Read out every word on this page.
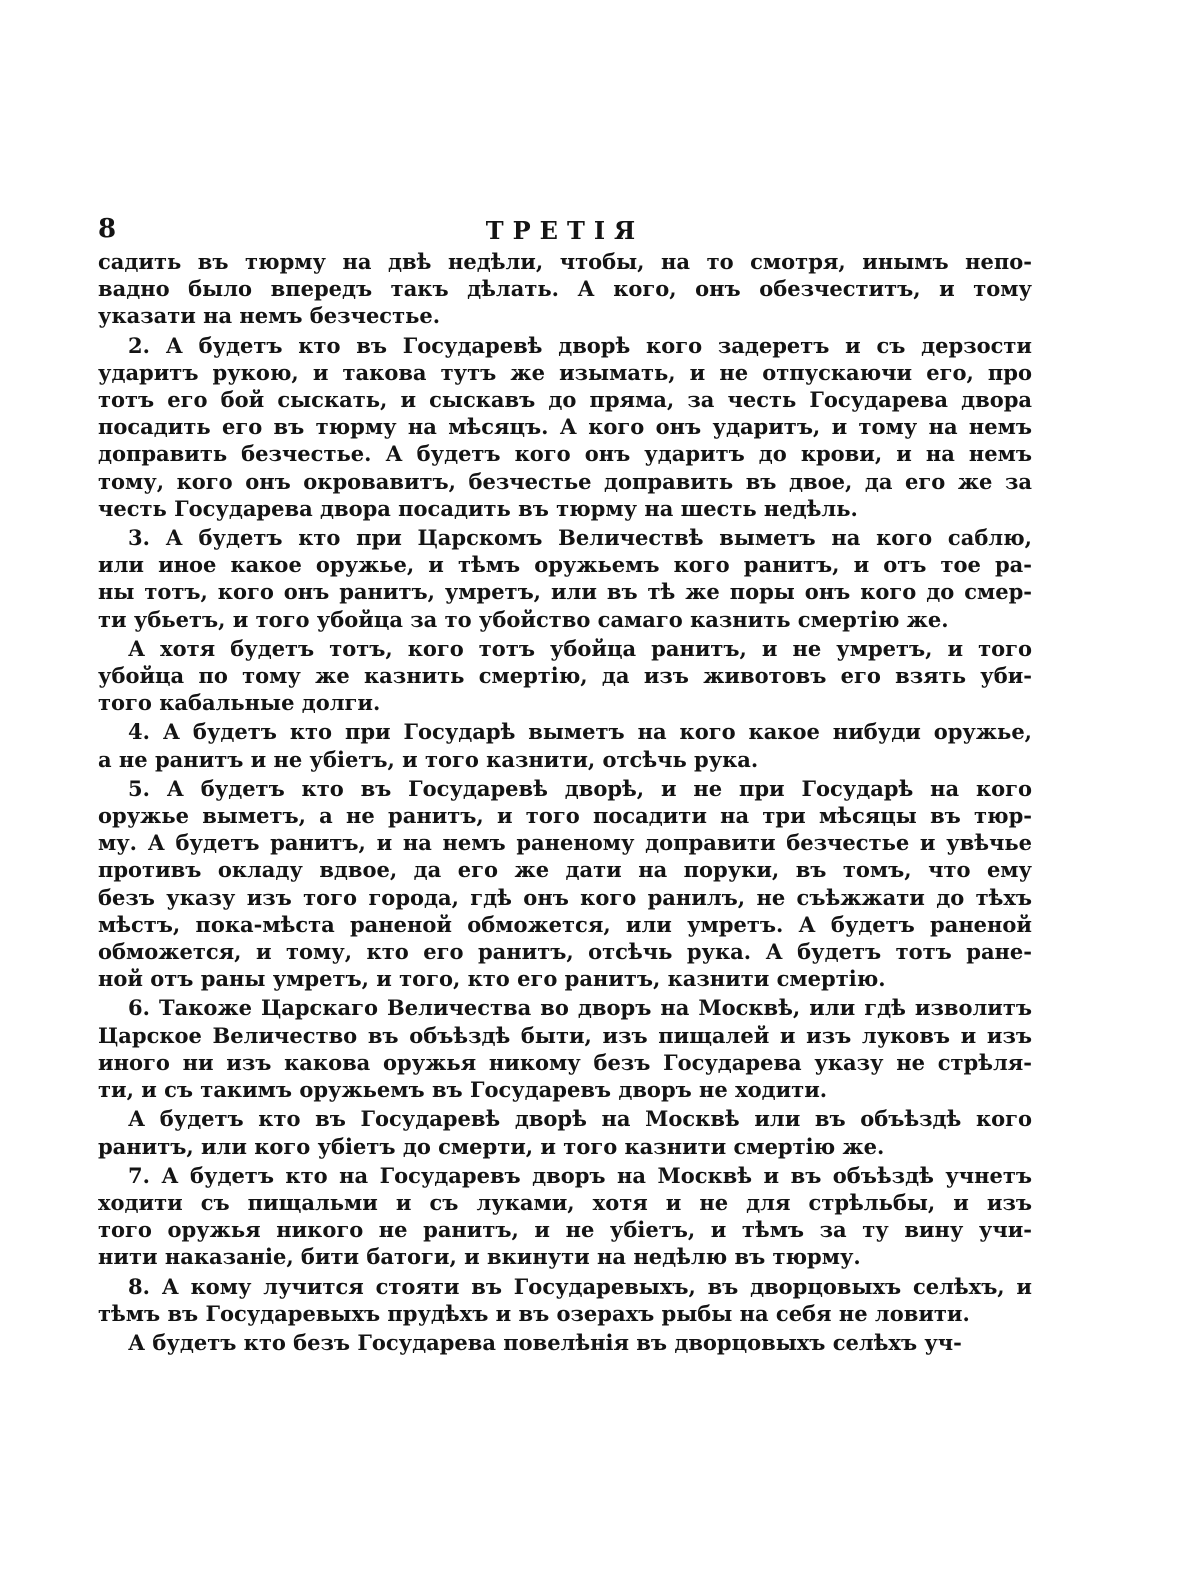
8	ТРЕТІЯ
садить въ тюрму на двѣ недѣли, чтобы, на то смотря, инымъ непо-
вадно было впередъ такъ дѣлать. А кого, онъ обезчеститъ, и тому
указати на немъ безчестье.
2. А будетъ кто въ Государевѣ дворѣ кого задеретъ и съ дерзости
ударитъ рукою, и такова тутъ же изымать, и не отпускаючи его, про
тотъ его бой сыскать, и сыскавъ до пряма, за честь Государева двора
посадить его въ тюрму на мѣсяцъ. А кого онъ ударитъ, и тому на немъ
доправить безчестье. А будетъ кого онъ ударитъ до крови, и на немъ
тому, кого онъ окровавитъ, безчестье доправить въ двое, да его же за
честь Государева двора посадить въ тюрму на шесть недѣль.
3. А будетъ кто при Царскомъ Величествѣ выметъ на кого саблю,
или иное какое оружье, и тѣмъ оружьемъ кого ранитъ, и отъ тое ра-
ны тотъ, кого онъ ранитъ, умретъ, или въ тѣ же поры онъ кого до смер-
ти убьетъ, и того убойца за то убойство самаго казнить смертію же.
А хотя будетъ тотъ, кого тотъ убойца ранитъ, и не умретъ, и того
убойца по тому же казнить смертію, да изъ животовъ его взять уби-
того кабальные долги.
4. А будетъ кто при Государѣ выметъ на кого какое нибуди оружье,
а не ранитъ и не убіетъ, и того казнити, отсѣчь рука.
5. А будетъ кто въ Государевѣ дворѣ, и не при Государѣ на кого
оружье выметъ, а не ранитъ, и того посадити на три мѣсяцы въ тюр-
му. А будетъ ранитъ, и на немъ раненому доправити безчестье и увѣчье
противъ окладу вдвое, да его же дати на поруки, въ томъ, что ему
безъ указу изъ того города, гдѣ онъ кого ранилъ, не съѣжжати до тѣхъ
мѣстъ, пока-мѣста раненой обможется, или умретъ. А будетъ раненой
обможется, и тому, кто его ранитъ, отсѣчь рука. А будетъ тотъ ране-
ной отъ раны умретъ, и того, кто его ранитъ, казнити смертію.
6. Такоже Царскаго Величества во дворъ на Москвѣ, или гдѣ изволитъ
Царское Величество въ объѣздѣ быти, изъ пищалей и изъ луковъ и изъ
иного ни изъ какова оружья никому безъ Государева указу не стрѣля-
ти, и съ такимъ оружьемъ въ Государевъ дворъ не ходити.
А будетъ кто въ Государевѣ дворѣ на Москвѣ или въ объѣздѣ кого
ранитъ, или кого убіетъ до смерти, и того казнити смертію же.
7. А будетъ кто на Государевъ дворъ на Москвѣ и въ объѣздѣ учнетъ
ходити съ пищальми и съ луками, хотя и не для стрѣльбы, и изъ
того оружья никого не ранитъ, и не убіетъ, и тѣмъ за ту вину учи-
нити наказаніе, бити батоги, и вкинути на недѣлю въ тюрму.
8. А кому лучится стояти въ Государевыхъ, въ дворцовыхъ селѣхъ, и
тѣмъ въ Государевыхъ прудѣхъ и въ озерахъ рыбы на себя не ловити.
А будетъ кто безъ Государева повелѣнія въ дворцовыхъ селѣхъ уч-
